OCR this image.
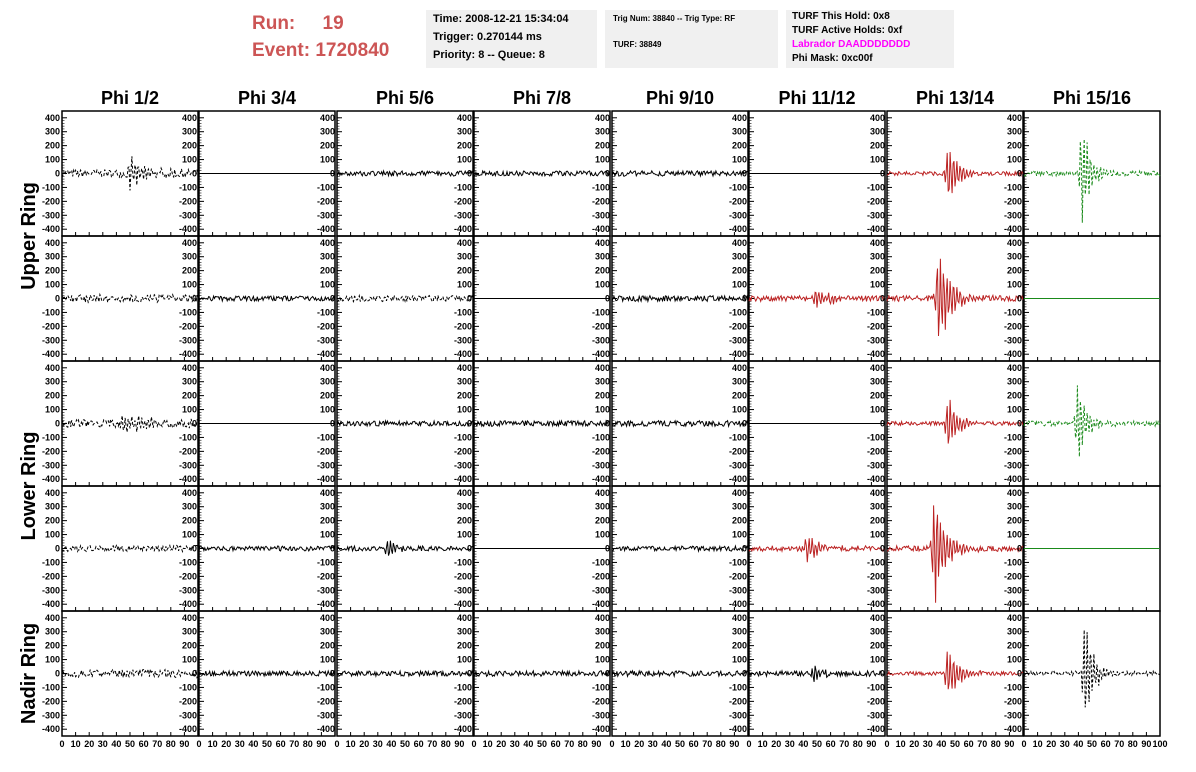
Run: 19
Event: 1720840
Time: 2008-12-21 15:34:04
Trigger: 0.270144 ms
Priority: 8 -- Queue: 8
Trig Num: 38840 -- Trig Type: RF
TURF: 38849
TURF This Hold: 0x8
TURF Active Holds: 0xf
Labrador DAADDDDDDD
Phi Mask: 0xc00f
Phi 1/2	Phi 3/4	Phi 5/6	Phi 7/8	Phi 9/10	Phi 11/12	Phi 13/14	Phi 15/16
Upper Ring
Lower Ring
Nadir Ring
400
300
200
100
0
-100
-200
-300
-400
400
300
200
100
0
-100
-200
-300
-400
400
300
200
100
0
-100
-200
-300
-400
400
300
200
100
0
-100
-200
-300
-400
400
300
200
100
0
-100
-200
-300
-400
400
300
200
100
0
-100
-200
-300
-400
400
300
200
100
0
-100
-200
-300
-400
400
300
200
100
0
-100
-200
-300
-400
400
300
200
100
0
-100
-200
-300
-400
400
300
200
100
0
-100
-200
-300
-400
400
300
200
100
0
-100
-200
-300
-400
400
300
200
100
0
-100
-200
-300
-400
400
300
200
100
0
-100
-200
-300
-400
400
300
200
100
0
-100
-200
-300
-400
400
300
200
100
0
-100
-200
-300
-400
400
300
200
100
0
-100
-200
-300
-400
400
300
200
100
0
-100
-200
-300
-400
400
300
200
100
0
-100
-200
-300
-400
400
300
200
100
0
-100
-200
-300
-400
400
300
200
100
0
-100
-200
-300
-400
400
300
200
100
0
-100
-200
-300
-400
400
300
200
100
0
-100
-200
-300
-400
400
300
200
100
0
-100
-200
-300
-400
400
300
200
100
0
-100
-200
-300
-400
400
300
200
100
0
-100
-200
-300
-400
400
300
200
100
0
-100
-200
-300
-400
400
300
200
100
0
-100
-200
-300
-400
400
300
200
100
0
-100
-200
-300
-400
400
300
200
100
0
-100
-200
-300
-400
400
300
200
100
0
-100
-200
-300
-400
400
300
200
100
0
-100
-200
-300
-400
400
300
200
100
0
-100
-200
-300
-400
400
300
200
100
0
-100
-200
-300
-400
400
300
200
100
0
-100
-200
-300
-400
400
300
200
100
0
-100
-200
-300
-400
400
300
200
100
0
-100
-200
-300
-400
400
300
200
100
0
-100
-200
-300
-400
400
300
200
100
0
-100
-200
-300
-400
400
300
200
100
0
-100
-200
-300
-400
400
300
200
100
0
-100
-200
-300
-400
0 10 20 30 40 50 60 70 80 90 0 10 20 30 40 50 60 70 80 90 0 10 20 30 40 50 60 70 80 90 0 10 20 30 40 50 60 70 80 90 0 10 20 30 40 50 60 70 80 90 0 10 20 30 40 50 60 70 80 90 0 10 20 30 40 50 60 70 80 90 0 10 20 30 40 50 60 70 80 90 100
